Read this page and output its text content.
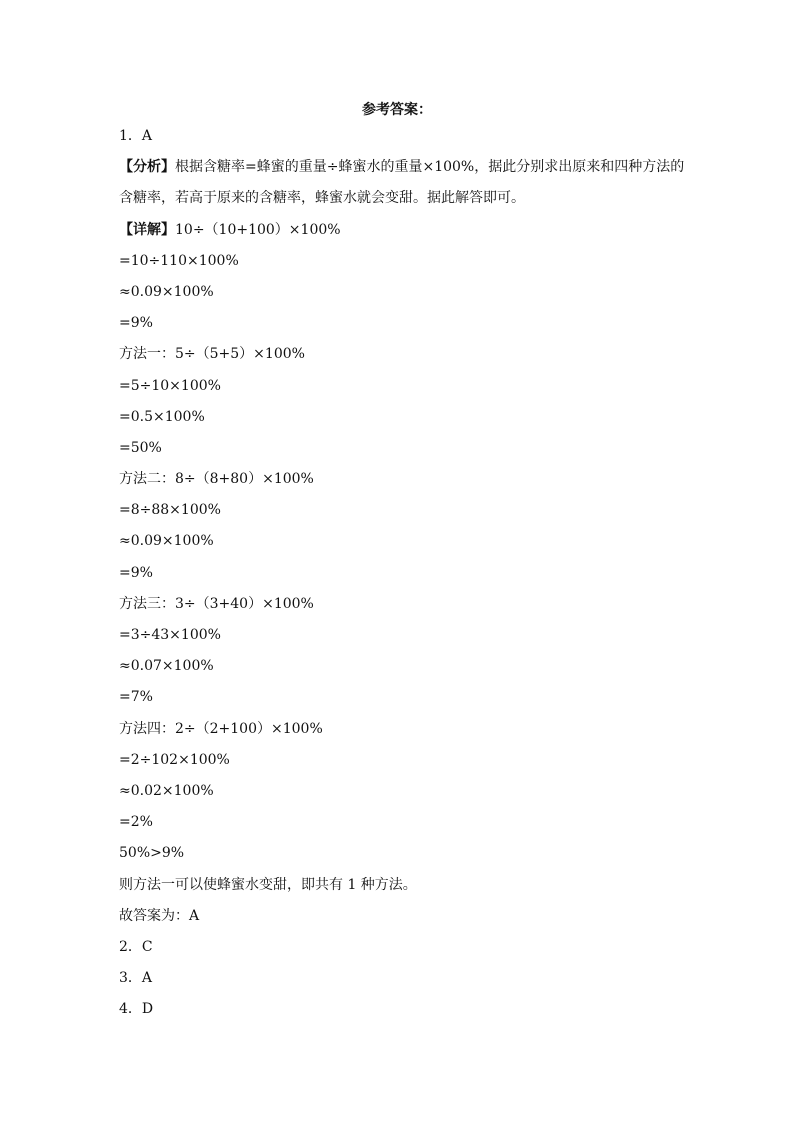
参考答案：
1．A
【分析】根据含糖率=蜂蜜的重量÷蜂蜜水的重量×100%，据此分别求出原来和四种方法的
含糖率，若高于原来的含糖率，蜂蜜水就会变甜。据此解答即可。
【详解】10÷（10+100）×100%
=10÷110×100%
≈0.09×100%
=9%
方法一：5÷（5+5）×100%
=5÷10×100%
=0.5×100%
=50%
方法二：8÷（8+80）×100%
=8÷88×100%
≈0.09×100%
=9%
方法三：3÷（3+40）×100%
=3÷43×100%
≈0.07×100%
=7%
方法四：2÷（2+100）×100%
=2÷102×100%
≈0.02×100%
=2%
50%>9%
则方法一可以使蜂蜜水变甜，即共有 1 种方法。
故答案为：A
2．C
3．A
4．D
